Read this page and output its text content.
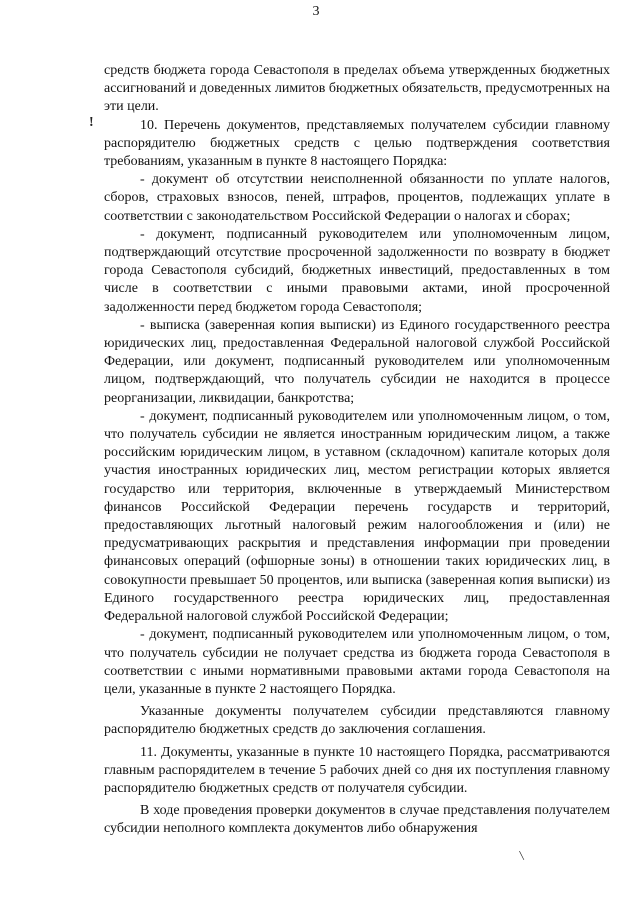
3

средств бюджета города Севастополя в пределах объема утвержденных бюджетных ассигнований и доведенных лимитов бюджетных обязательств, предусмотренных на эти цели.

10. Перечень документов, представляемых получателем субсидии главному распорядителю бюджетных средств с целью подтверждения соответствия требованиям, указанным в пункте 8 настоящего Порядка:

- документ об отсутствии неисполненной обязанности по уплате налогов, сборов, страховых взносов, пеней, штрафов, процентов, подлежащих уплате в соответствии с законодательством Российской Федерации о налогах и сборах;

- документ, подписанный руководителем или уполномоченным лицом, подтверждающий отсутствие просроченной задолженности по возврату в бюджет города Севастополя субсидий, бюджетных инвестиций, предоставленных в том числе в соответствии с иными правовыми актами, иной просроченной задолженности перед бюджетом города Севастополя;

- выписка (заверенная копия выписки) из Единого государственного реестра юридических лиц, предоставленная Федеральной налоговой службой Российской Федерации, или документ, подписанный руководителем или уполномоченным лицом, подтверждающий, что получатель субсидии не находится в процессе реорганизации, ликвидации, банкротства;

- документ, подписанный руководителем или уполномоченным лицом, о том, что получатель субсидии не является иностранным юридическим лицом, а также российским юридическим лицом, в уставном (складочном) капитале которых доля участия иностранных юридических лиц, местом регистрации которых является государство или территория, включенные в утверждаемый Министерством финансов Российской Федерации перечень государств и территорий, предоставляющих льготный налоговый режим налогообложения и (или) не предусматривающих раскрытия и представления информации при проведении финансовых операций (офшорные зоны) в отношении таких юридических лиц, в совокупности превышает 50 процентов, или выписка (заверенная копия выписки) из Единого государственного реестра юридических лиц, предоставленная Федеральной налоговой службой Российской Федерации;

- документ, подписанный руководителем или уполномоченным лицом, о том, что получатель субсидии не получает средства из бюджета города Севастополя в соответствии с иными нормативными правовыми актами города Севастополя на цели, указанные в пункте 2 настоящего Порядка.

Указанные документы получателем субсидии представляются главному распорядителю бюджетных средств до заключения соглашения.

11. Документы, указанные в пункте 10 настоящего Порядка, рассматриваются главным распорядителем в течение 5 рабочих дней со дня их поступления главному распорядителю бюджетных средств от получателя субсидии.

В ходе проведения проверки документов в случае представления получателем субсидии неполного комплекта документов либо обнаружения

!
\
